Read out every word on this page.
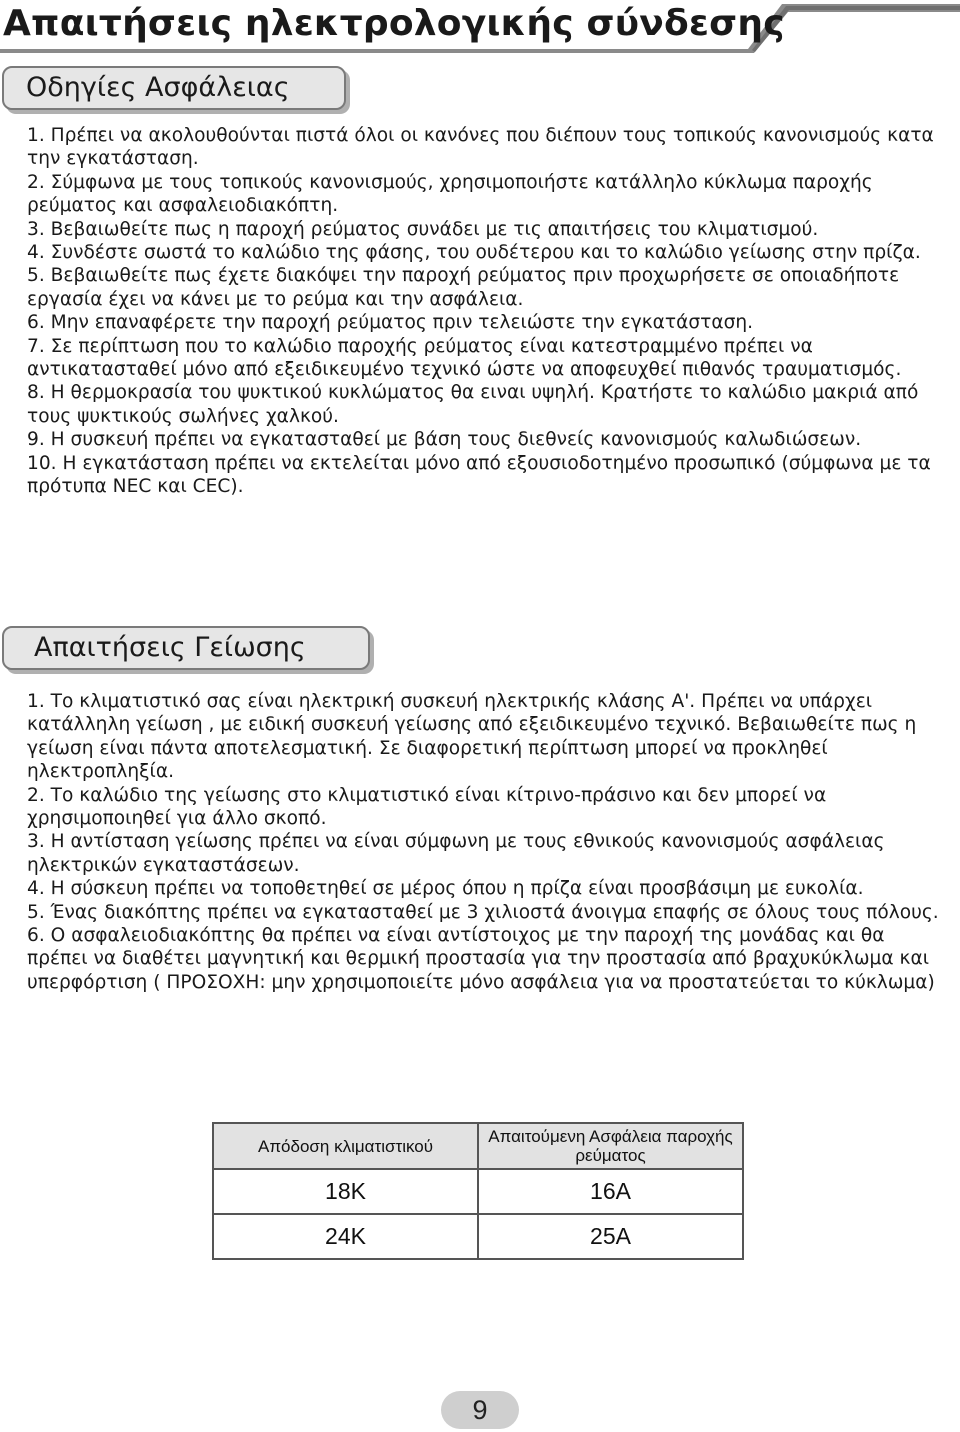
Απαιτήσεις ηλεκτρολογικής σύνδεσης
Οδηγίες Ασφάλειας

1. Πρέπει να ακολουθούνται πιστά όλοι οι κανόνες που διέπουν τους τοπικούς κανονισμούς κατα την εγκατάσταση.

2. Σύμφωνα με τους τοπικούς κανονισμούς, χρησιμοποιήστε κατάλληλο κύκλωμα παροχής ρεύματος και ασφαλειοδιακόπτη.

3. Βεβαιωθείτε πως η παροχή ρεύματος συνάδει με τις απαιτήσεις του κλιματισμού.

4. Συνδέστε σωστά το καλώδιο της φάσης, του ουδέτερου και το καλώδιο γείωσης στην πρίζα.

5. Βεβαιωθείτε πως έχετε διακόψει την παροχή ρεύματος πριν προχωρήσετε σε οποιαδήποτε εργασία έχει να κάνει με το ρεύμα και την ασφάλεια.

6. Μην επαναφέρετε την παροχή ρεύματος πριν τελειώστε την εγκατάσταση.

7. Σε περίπτωση που το καλώδιο παροχής ρεύματος είναι κατεστραμμένο πρέπει να αντικατασταθεί μόνο από εξειδικευμένο τεχνικό ώστε να αποφευχθεί πιθανός τραυματισμός.

8. Η θερμοκρασία του ψυκτικού κυκλώματος θα ειναι υψηλή. Κρατήστε το καλώδιο μακριά από τους ψυκτικούς σωλήνες χαλκού.

9. Η συσκευή πρέπει να εγκατασταθεί με βάση τους διεθνείς κανονισμούς καλωδιώσεων.

10. Η εγκατάσταση πρέπει να εκτελείται μόνο από εξουσιοδοτημένο προσωπικό (σύμφωνα με τα πρότυπα NEC και CEC).

Απαιτήσεις Γείωσης

1. Το κλιματιστικό σας είναι ηλεκτρική συσκευή ηλεκτρικής κλάσης A'. Πρέπει να υπάρχει κατάλληλη γείωση , με ειδική συσκευή γείωσης από εξειδικευμένο τεχνικό. Βεβαιωθείτε πως η γείωση είναι πάντα αποτελεσματική. Σε διαφορετική περίπτωση μπορεί να προκληθεί ηλεκτροπληξία.

2. Το καλώδιο της γείωσης στο κλιματιστικό είναι κίτρινο-πράσινο και δεν μπορεί να χρησιμοποιηθεί για άλλο σκοπό.

3. Η αντίσταση γείωσης πρέπει να είναι σύμφωνη με τους εθνικούς κανονισμούς ασφάλειας ηλεκτρικών εγκαταστάσεων.

4. Η σύσκευη πρέπει να τοποθετηθεί σε μέρος όπου η πρίζα είναι προσβάσιμη με ευκολία.

5. Ένας διακόπτης πρέπει να εγκατασταθεί με 3 χιλιοστά άνοιγμα επαφής σε όλους τους πόλους.

6. Ο ασφαλειοδιακόπτης θα πρέπει να είναι αντίστοιχος με την παροχή της μονάδας και θα πρέπει να διαθέτει μαγνητική και θερμική προστασία για την προστασία από βραχυκύκλωμα και υπερφόρτιση ( ΠΡΟΣΟΧΗ: μην χρησιμοποιείτε μόνο ασφάλεια για να προστατεύεται το κύκλωμα)

Απόδοση κλιματιστικού	Απαιτούμενη Ασφάλεια παροχής ρεύματος
18K	16A
24K	25A
9
